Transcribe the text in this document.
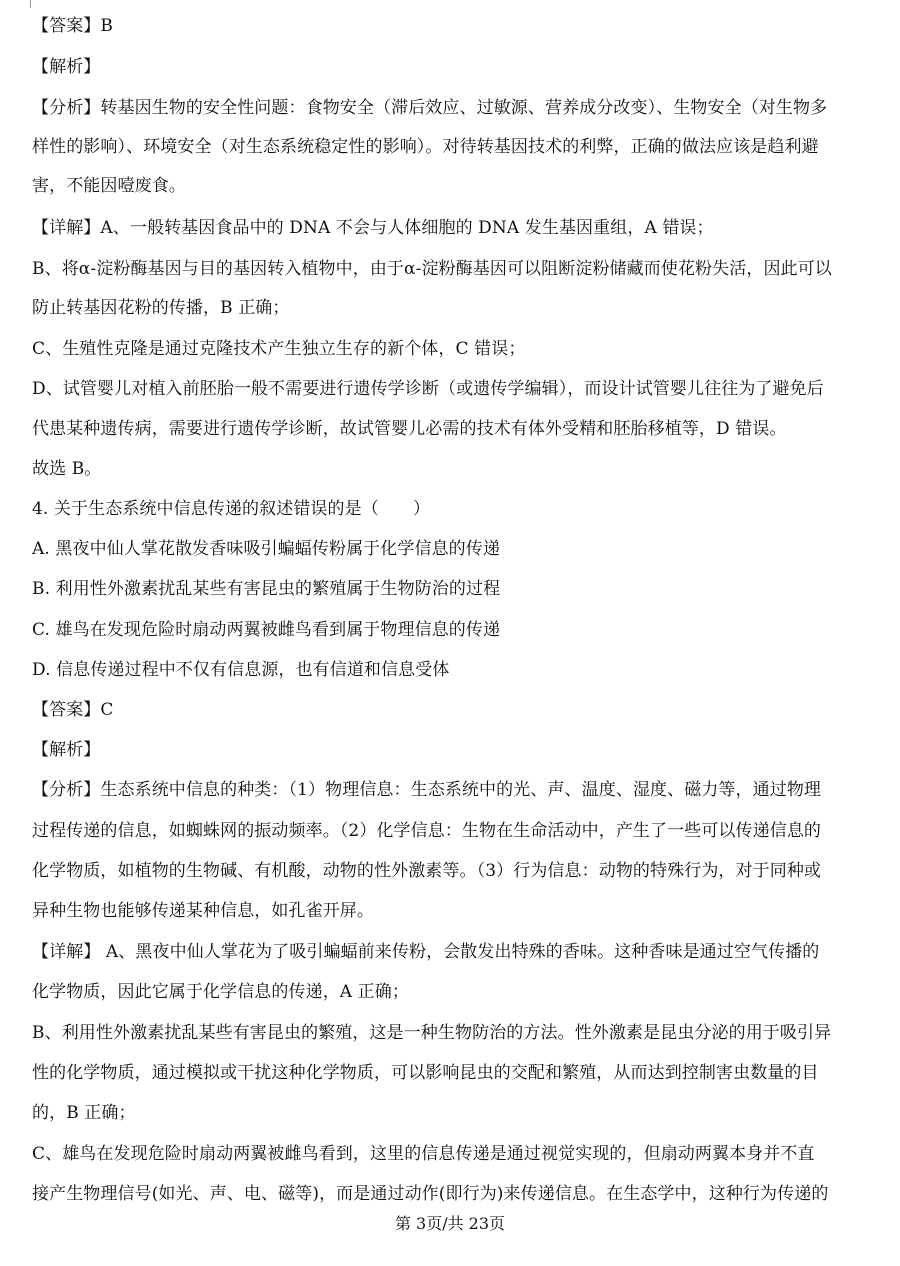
【答案】B
【解析】
【分析】转基因生物的安全性问题：食物安全（滞后效应、过敏源、营养成分改变）、生物安全（对生物多
样性的影响）、环境安全（对生态系统稳定性的影响）。对待转基因技术的利弊，正确的做法应该是趋利避
害，不能因噎废食。
【详解】A、一般转基因食品中的 DNA 不会与人体细胞的 DNA 发生基因重组，A 错误；
B、将α-淀粉酶基因与目的基因转入植物中，由于α-淀粉酶基因可以阻断淀粉储藏而使花粉失活，因此可以
防止转基因花粉的传播，B 正确；
C、生殖性克隆是通过克隆技术产生独立生存的新个体，C 错误；
D、试管婴儿对植入前胚胎一般不需要进行遗传学诊断（或遗传学编辑），而设计试管婴儿往往为了避免后
代患某种遗传病，需要进行遗传学诊断，故试管婴儿必需的技术有体外受精和胚胎移植等，D 错误。
故选 B。
4. 关于生态系统中信息传递的叙述错误的是（　　）
A. 黑夜中仙人掌花散发香味吸引蝙蝠传粉属于化学信息的传递
B. 利用性外激素扰乱某些有害昆虫的繁殖属于生物防治的过程
C. 雄鸟在发现危险时扇动两翼被雌鸟看到属于物理信息的传递
D. 信息传递过程中不仅有信息源，也有信道和信息受体
【答案】C
【解析】
【分析】生态系统中信息的种类：（1）物理信息：生态系统中的光、声、温度、湿度、磁力等，通过物理
过程传递的信息，如蜘蛛网的振动频率。（2）化学信息：生物在生命活动中，产生了一些可以传递信息的
化学物质，如植物的生物碱、有机酸，动物的性外激素等。（3）行为信息：动物的特殊行为，对于同种或
异种生物也能够传递某种信息，如孔雀开屏。
【详解】 A、黑夜中仙人掌花为了吸引蝙蝠前来传粉，会散发出特殊的香味。这种香味是通过空气传播的
化学物质，因此它属于化学信息的传递，A 正确；
B、利用性外激素扰乱某些有害昆虫的繁殖，这是一种生物防治的方法。性外激素是昆虫分泌的用于吸引异
性的化学物质，通过模拟或干扰这种化学物质，可以影响昆虫的交配和繁殖，从而达到控制害虫数量的目
的，B 正确；
C、雄鸟在发现危险时扇动两翼被雌鸟看到，这里的信息传递是通过视觉实现的，但扇动两翼本身并不直
接产生物理信号(如光、声、电、磁等)，而是通过动作(即行为)来传递信息。在生态学中，这种行为传递的
第 3页/共 23页
